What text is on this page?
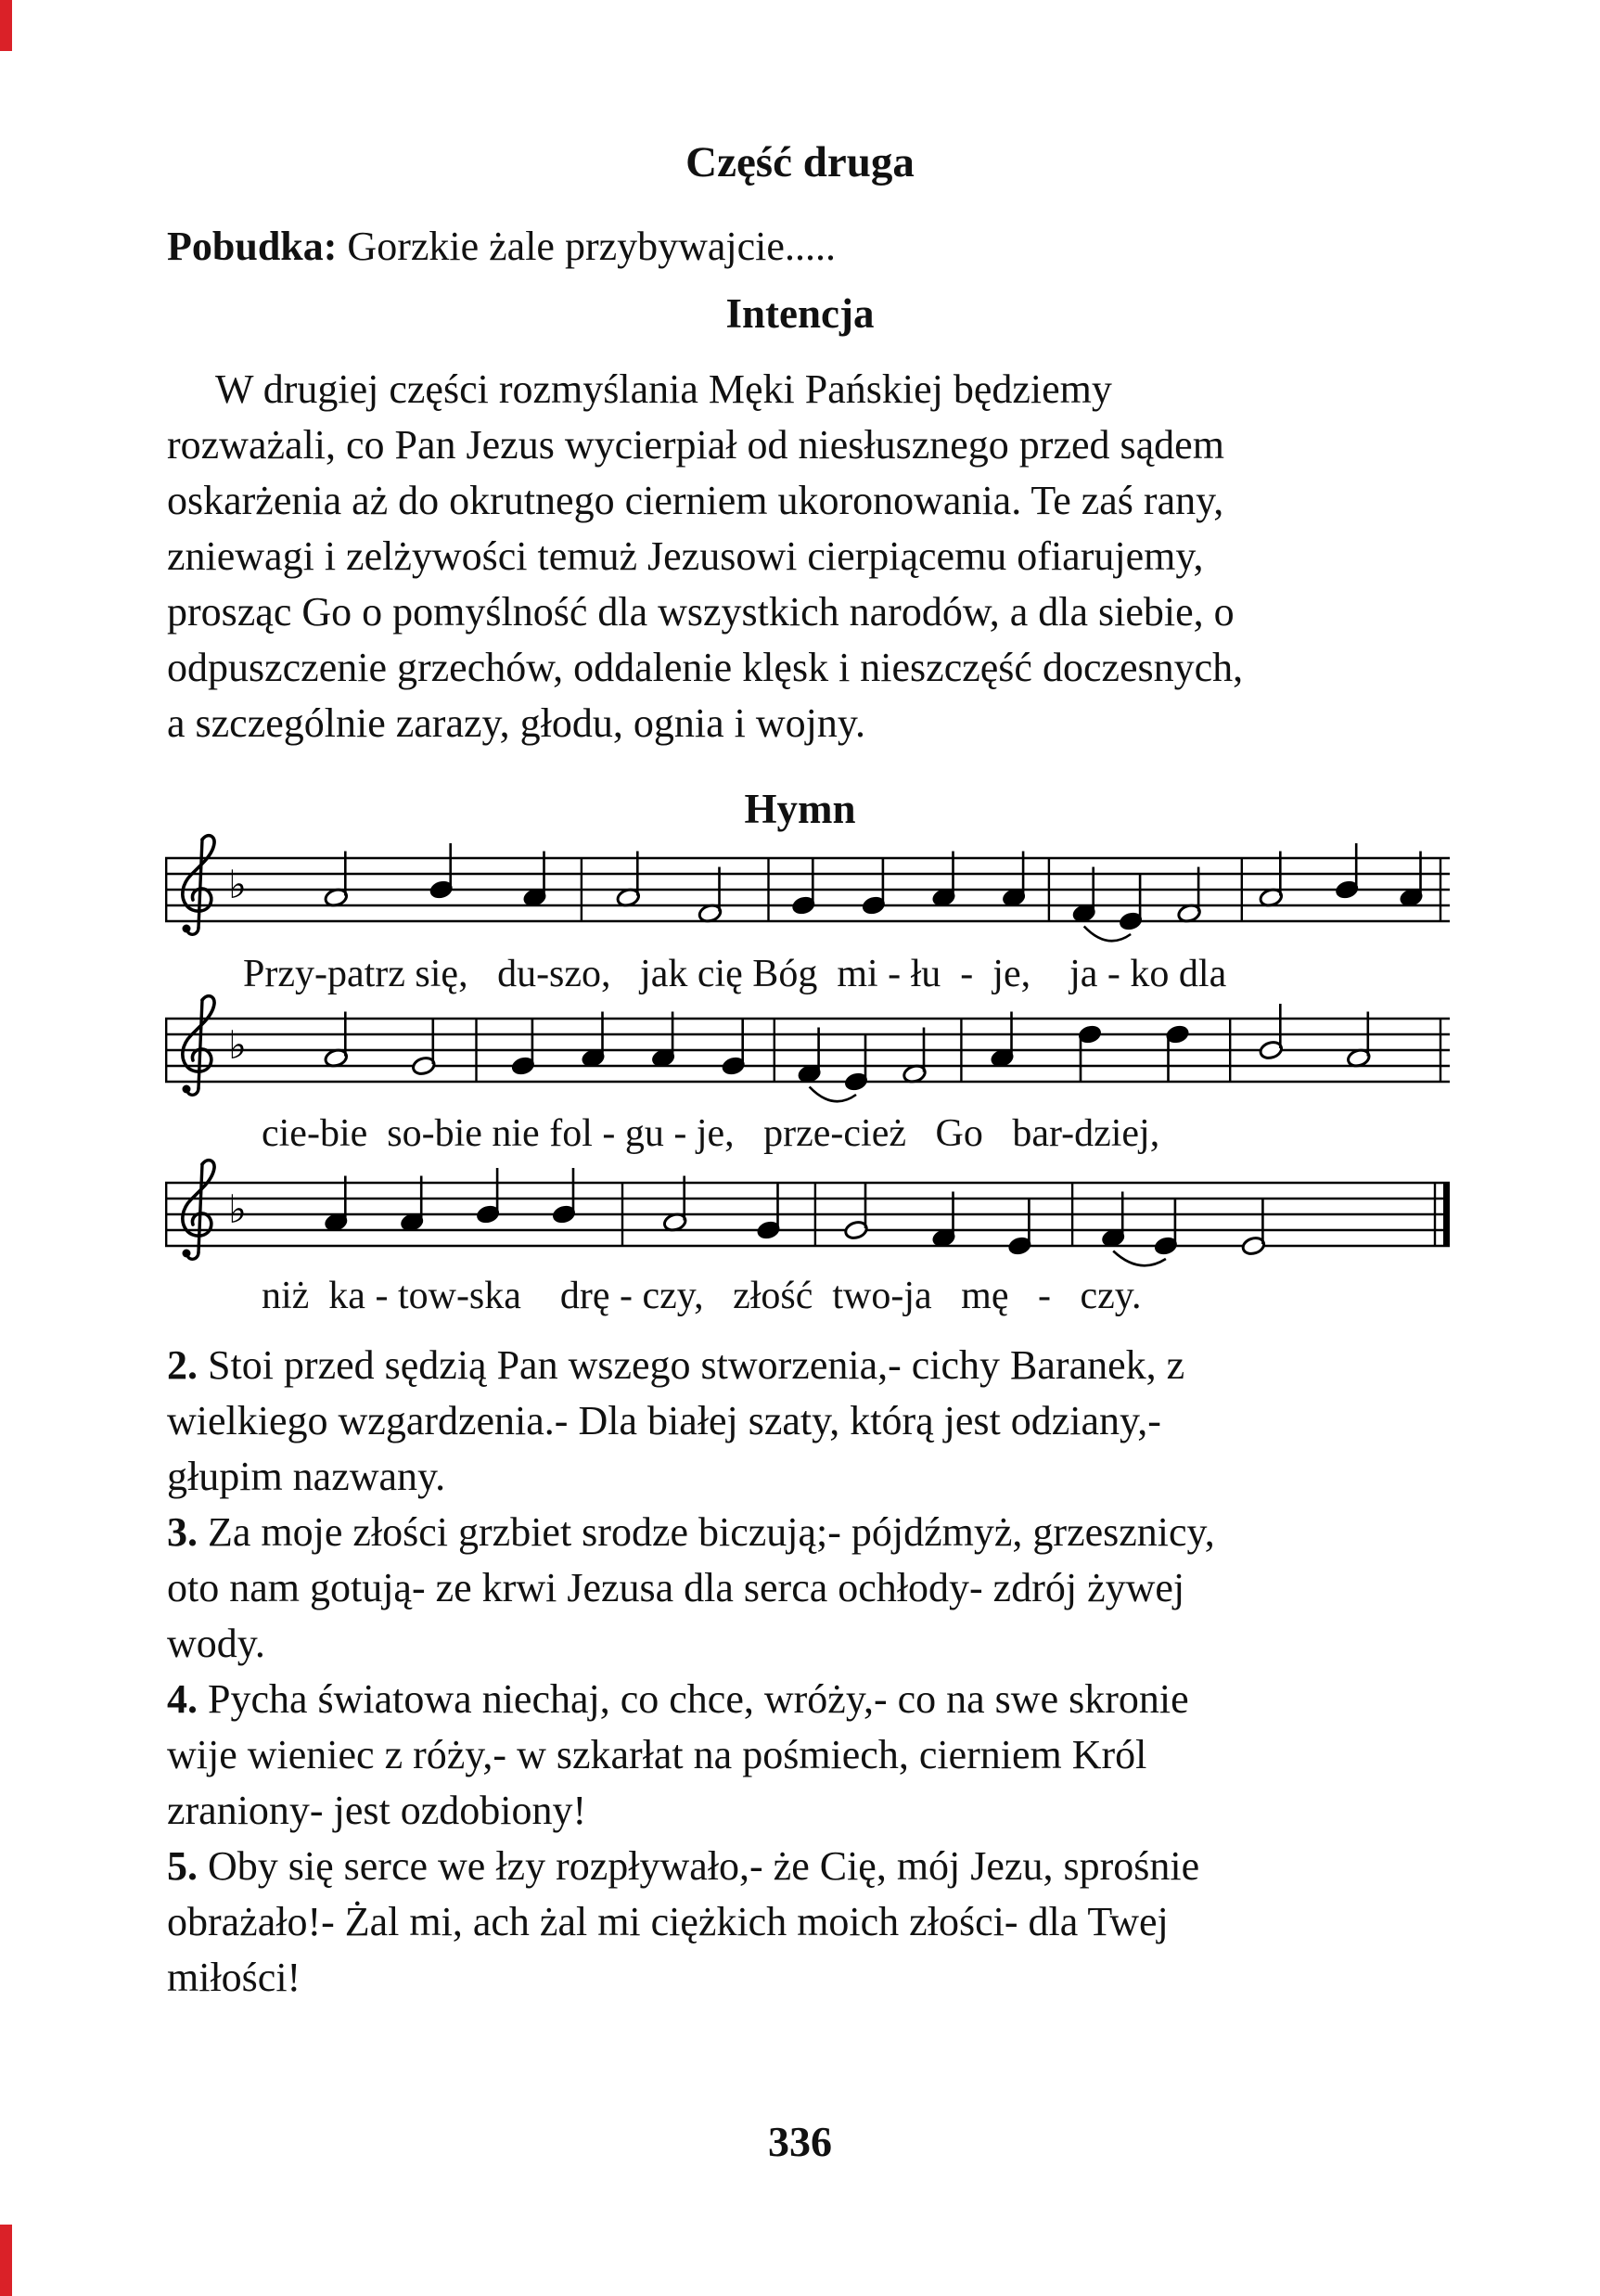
Część druga
Pobudka: Gorzkie żale przybywajcie.....
Intencja
W drugiej części rozmyślania Męki Pańskiej będziemy
rozważali, co Pan Jezus wycierpiał od niesłusznego przed sądem
oskarżenia aż do okrutnego cierniem ukoronowania. Te zaś rany,
zniewagi i zelżywości temuż Jezusowi cierpiącemu ofiarujemy,
prosząc Go o pomyślność dla wszystkich narodów, a dla siebie, o
odpuszczenie grzechów, oddalenie klęsk i nieszczęść doczesnych,
a szczególnie zarazy, głodu, ognia i wojny.
Hymn
♭
Przy-patrz się,   du-szo,   jak cię Bóg  mi - łu  -  je,    ja - ko dla
♭
cie-bie  so-bie nie fol - gu - je,   prze-cież   Go   bar-dziej,
♭
niż  ka - tow-ska    drę - czy,   złość  two-ja   mę   -   czy.
2. Stoi przed sędzią Pan wszego stworzenia,- cichy Baranek, z
wielkiego wzgardzenia.- Dla białej szaty, którą jest odziany,-
głupim nazwany.
3. Za moje złości grzbiet srodze biczują;- pójdźmyż, grzesznicy,
oto nam gotują- ze krwi Jezusa dla serca ochłody- zdrój żywej
wody.
4. Pycha światowa niechaj, co chce, wróży,- co na swe skronie
wije wieniec z róży,- w szkarłat na pośmiech, cierniem Król
zraniony- jest ozdobiony!
5. Oby się serce we łzy rozpływało,- że Cię, mój Jezu, sprośnie
obrażało!- Żal mi, ach żal mi ciężkich moich złości- dla Twej
miłości!
336
